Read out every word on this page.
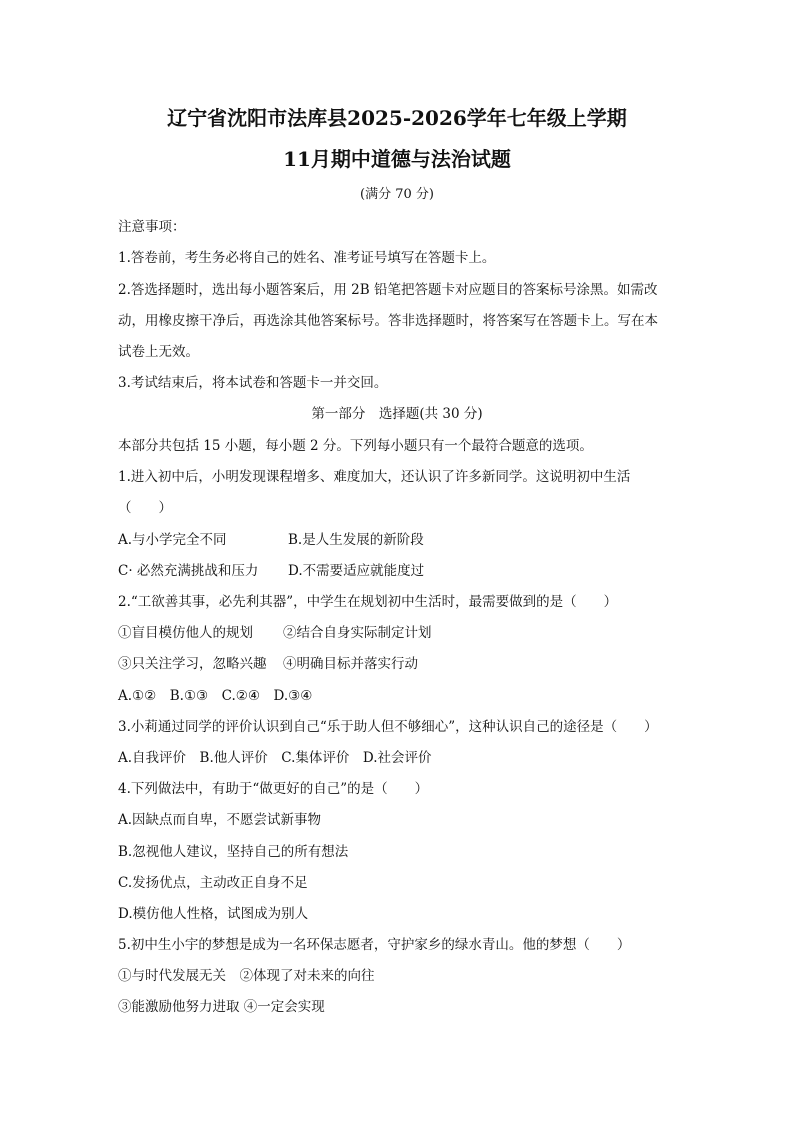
辽宁省沈阳市法库县2025-2026学年七年级上学期
11月期中道德与法治试题
(满分 70 分)
注意事项：
1.答卷前，考生务必将自己的姓名、准考证号填写在答题卡上。
2.答选择题时，选出每小题答案后，用 2B 铅笔把答题卡对应题目的答案标号涂黑。如需改
动，用橡皮擦干净后，再选涂其他答案标号。答非选择题时，将答案写在答题卡上。写在本
试卷上无效。
3.考试结束后，将本试卷和答题卡一并交回。
第一部分　选择题(共 30 分)
本部分共包括 15 小题，每小题 2 分。下列每小题只有一个最符合题意的选项。
1.进入初中后，小明发现课程增多、难度加大，还认识了许多新同学。这说明初中生活
（　　）
A.与小学完全不同	B.是人生发展的新阶段
C· 必然充满挑战和压力 D.不需要适应就能度过
2.“工欲善其事，必先利其器”，中学生在规划初中生活时，最需要做到的是（　　）
①盲目模仿他人的规划 ②结合自身实际制定计划
③只关注学习，忽略兴趣 ④明确目标并落实行动
A.①②　B.①③　C.②④　D.③④
3.小莉通过同学的评价认识到自己“乐于助人但不够细心”，这种认识自己的途径是（　　）
A.自我评价　B.他人评价　C.集体评价　D.社会评价
4.下列做法中，有助于“做更好的自己”的是（　　）
A.因缺点而自卑，不愿尝试新事物
B.忽视他人建议，坚持自己的所有想法
C.发扬优点，主动改正自身不足
D.模仿他人性格，试图成为别人
5.初中生小宇的梦想是成为一名环保志愿者，守护家乡的绿水青山。他的梦想（　　）
①与时代发展无关　②体现了对未来的向往
③能激励他努力进取 ④一定会实现
